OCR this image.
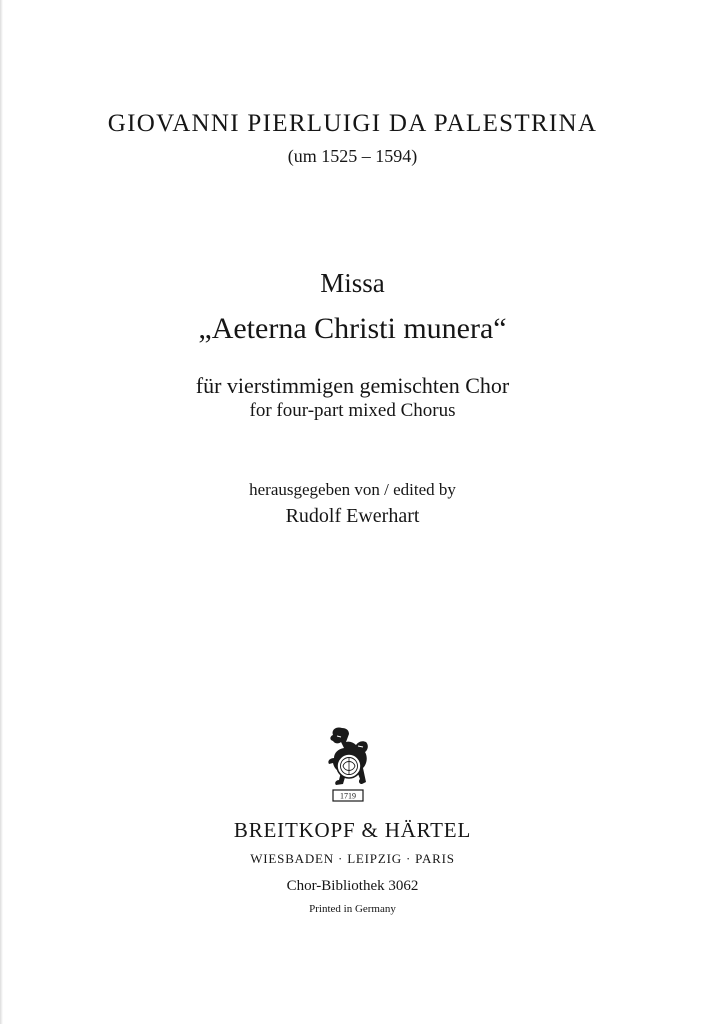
GIOVANNI PIERLUIGI DA PALESTRINA
(um 1525 – 1594)
Missa
„Aeterna Christi munera“
für vierstimmigen gemischten Chor
for four-part mixed Chorus
herausgegeben von / edited by
Rudolf Ewerhart
1719
BREITKOPF & HÄRTEL
WIESBADEN · LEIPZIG · PARIS
Chor-Bibliothek 3062
Printed in Germany
